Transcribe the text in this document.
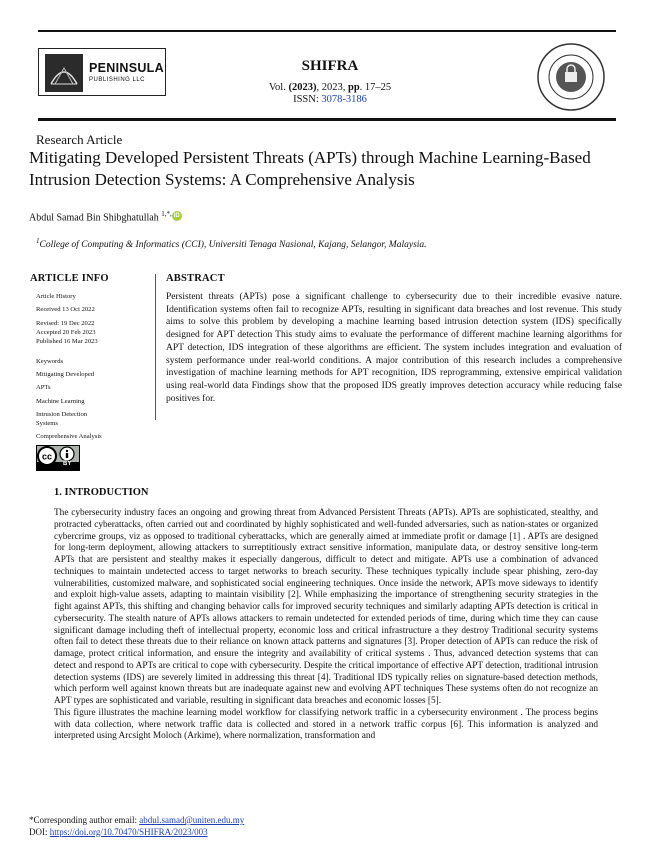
PENINSULA
PUBLISHING LLC
SHIFRA
Vol. (2023), 2023, pp. 17–25
ISSN: 3078-3186
Research Article
Mitigating Developed Persistent Threats (APTs) through Machine Learning-Based Intrusion Detection Systems: A Comprehensive Analysis
Abdul Samad Bin Shibghatullah $^{1,*,}$ iD
$^1$College of Computing & Informatics (CCI), Universiti Tenaga Nasional, Kajang, Selangor, Malaysia.
ARTICLE INFO
Article History
Received 13 Oct 2022
Revised: 19 Dec 2022
Accepted 20 Feb 2023
Published 16 Mar 2023
Keywords
Mitigating Developed
APTs
Machine Learning
Intrusion Detection Systems
Comprehensive Analysis
cc
BY
ABSTRACT
Persistent threats (APTs) pose a significant challenge to cybersecurity due to their incredible evasive nature. Identification systems often fail to recognize APTs, resulting in significant data breaches and lost revenue. This study aims to solve this problem by developing a machine learning based intrusion detection system (IDS) specifically designed for APT detection This study aims to evaluate the performance of different machine learning algorithms for APT detection, IDS integration of these algorithms are efficient. The system includes integration and evaluation of system performance under real-world conditions. A major contribution of this research includes a comprehensive investigation of machine learning methods for APT recognition, IDS reprogramming, extensive empirical validation using real-world data Findings show that the proposed IDS greatly improves detection accuracy while reducing false positives for.
1. INTRODUCTION

The cybersecurity industry faces an ongoing and growing threat from Advanced Persistent Threats (APTs). APTs are sophisticated, stealthy, and protracted cyberattacks, often carried out and coordinated by highly sophisticated and well-funded adversaries, such as nation-states or organized cybercrime groups, viz as opposed to traditional cyberattacks, which are generally aimed at immediate profit or damage [1] . APTs are designed for long-term deployment, allowing attackers to surreptitiously extract sensitive information, manipulate data, or destroy sensitive long-term APTs that are persistent and stealthy makes it especially dangerous, difficult to detect and mitigate. APTs use a combination of advanced techniques to maintain undetected access to target networks to breach security. These techniques typically include spear phishing, zero-day vulnerabilities, customized malware, and sophisticated social engineering techniques. Once inside the network, APTs move sideways to identify and exploit high-value assets, adapting to maintain visibility [2]. While emphasizing the importance of strengthening security strategies in the fight against APTs, this shifting and changing behavior calls for improved security techniques and similarly adapting APTs detection is critical in cybersecurity. The stealth nature of APTs allows attackers to remain undetected for extended periods of time, during which time they can cause significant damage including theft of intellectual property, economic loss and critical infrastructure a they destroy Traditional security systems often fail to detect these threats due to their reliance on known attack patterns and signatures [3]. Proper detection of APTs can reduce the risk of damage, protect critical information, and ensure the integrity and availability of critical systems . Thus, advanced detection systems that can detect and respond to APTs are critical to cope with cybersecurity. Despite the critical importance of effective APT detection, traditional intrusion detection systems (IDS) are severely limited in addressing this threat [4]. Traditional IDS typically relies on signature-based detection methods, which perform well against known threats but are inadequate against new and evolving APT techniques These systems often do not recognize an APT types are sophisticated and variable, resulting in significant data breaches and economic losses [5].

This figure illustrates the machine learning model workflow for classifying network traffic in a cybersecurity environment . The process begins with data collection, where network traffic data is collected and stored in a network traffic corpus [6]. This information is analyzed and interpreted using Arcsight Moloch (Arkime), where normalization, transformation and

*Corresponding author email: abdul.samad@uniten.edu.my
DOI: https://doi.org/10.70470/SHIFRA/2023/003
